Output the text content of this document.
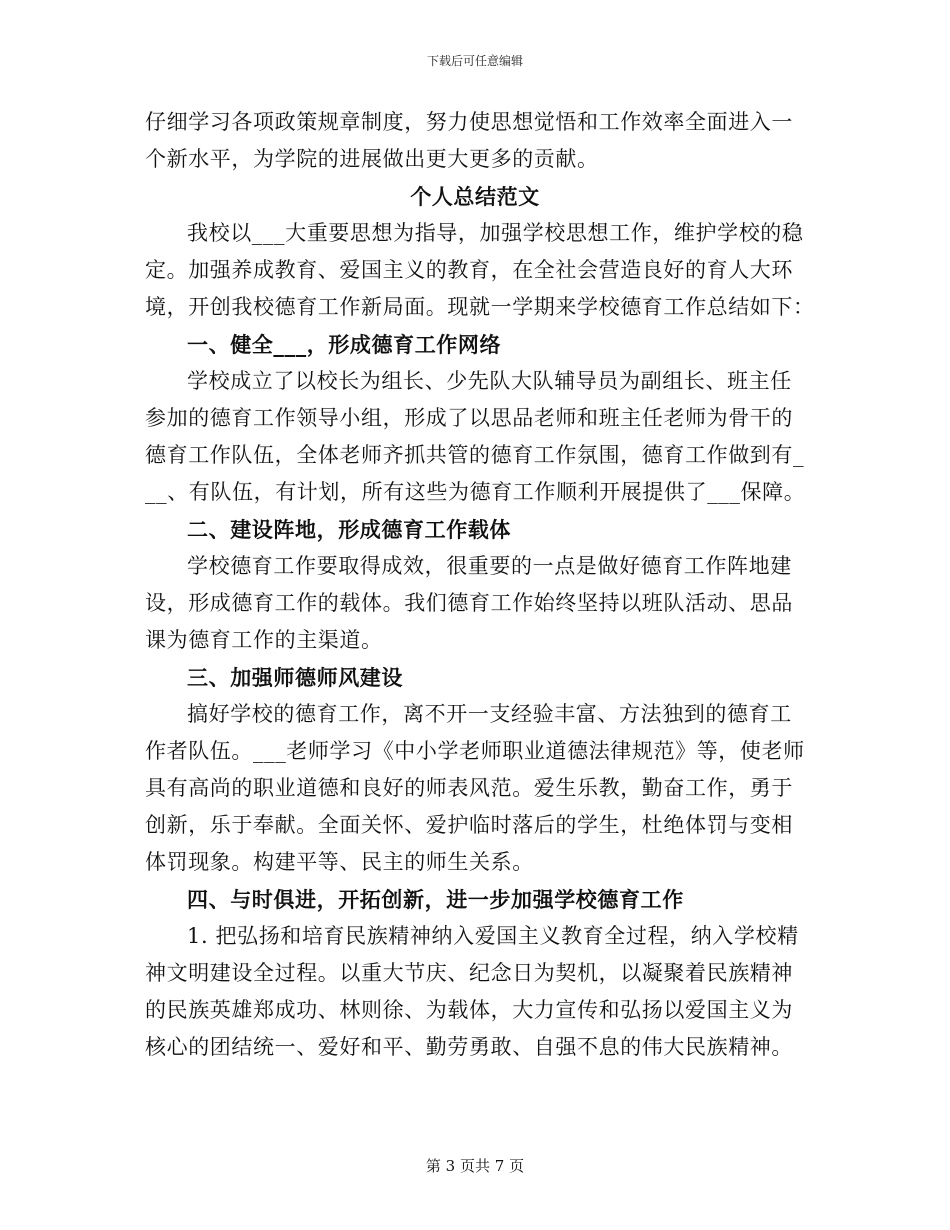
下载后可任意编辑
仔细学习各项政策规章制度，努力使思想觉悟和工作效率全面进入一
个新水平，为学院的进展做出更大更多的贡献。
个人总结范文
我校以___大重要思想为指导，加强学校思想工作，维护学校的稳
定。加强养成教育、爱国主义的教育，在全社会营造良好的育人大环
境，开创我校德育工作新局面。现就一学期来学校德育工作总结如下：
一、健全___，形成德育工作网络
学校成立了以校长为组长、少先队大队辅导员为副组长、班主任
参加的德育工作领导小组，形成了以思品老师和班主任老师为骨干的
德育工作队伍，全体老师齐抓共管的德育工作氛围，德育工作做到有_
__、有队伍，有计划，所有这些为德育工作顺利开展提供了___保障。
二、建设阵地，形成德育工作载体
学校德育工作要取得成效，很重要的一点是做好德育工作阵地建
设，形成德育工作的载体。我们德育工作始终坚持以班队活动、思品
课为德育工作的主渠道。
三、加强师德师风建设
搞好学校的德育工作，离不开一支经验丰富、方法独到的德育工
作者队伍。___老师学习《中小学老师职业道德法律规范》等，使老师
具有高尚的职业道德和良好的师表风范。爱生乐教，勤奋工作，勇于
创新，乐于奉献。全面关怀、爱护临时落后的学生，杜绝体罚与变相
体罚现象。构建平等、民主的师生关系。
四、与时俱进，开拓创新，进一步加强学校德育工作
1. 把弘扬和培育民族精神纳入爱国主义教育全过程，纳入学校精
神文明建设全过程。以重大节庆、纪念日为契机，以凝聚着民族精神
的民族英雄郑成功、林则徐、为载体，大力宣传和弘扬以爱国主义为
核心的团结统一、爱好和平、勤劳勇敢、自强不息的伟大民族精神。
第 3 页共 7 页
